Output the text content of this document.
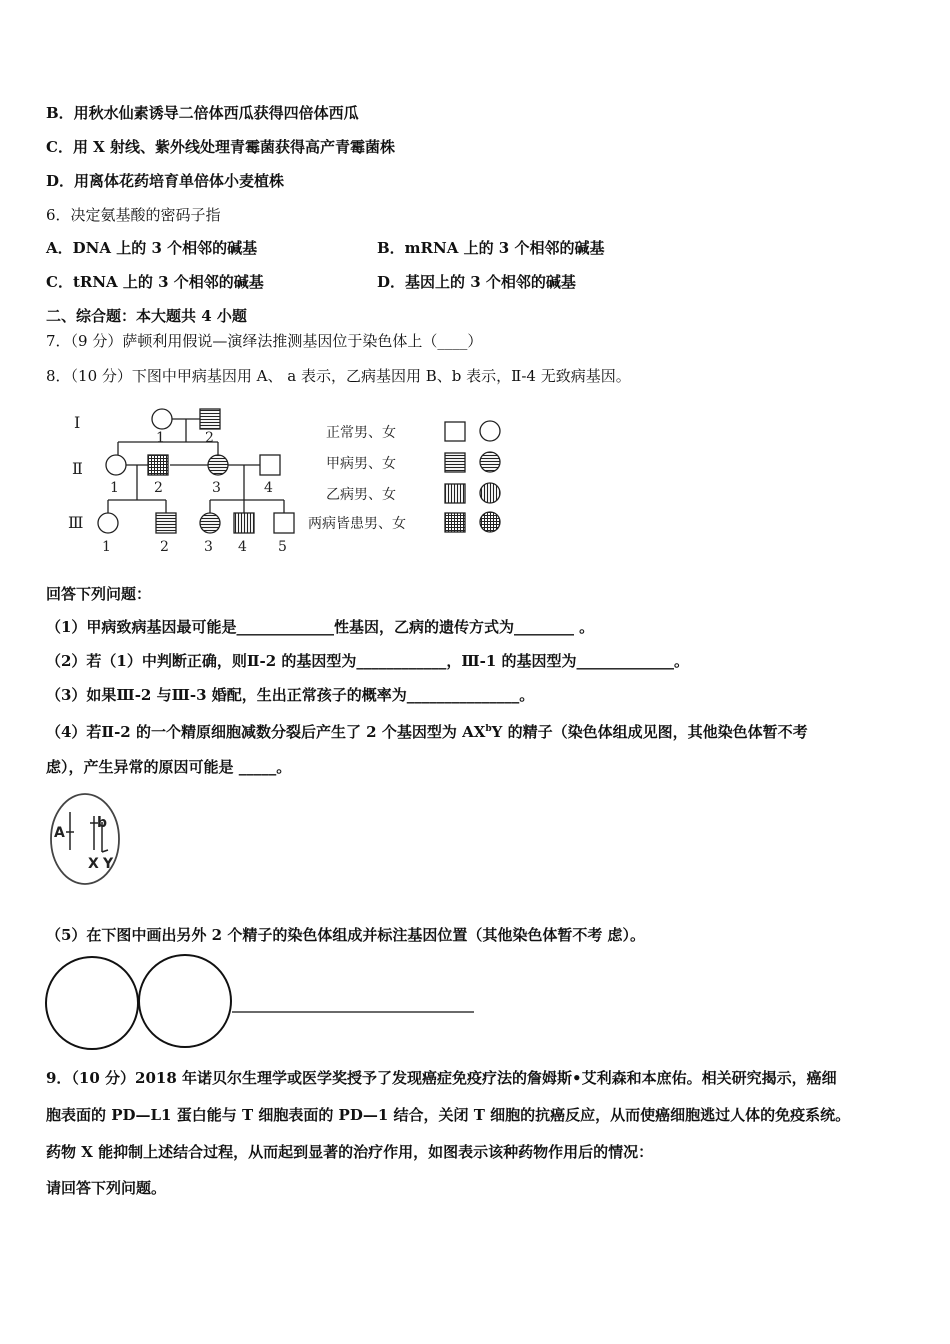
B．用秋水仙素诱导二倍体西瓜获得四倍体西瓜
C．用 X 射线、紫外线处理青霉菌获得高产青霉菌株
D．用离体花药培育单倍体小麦植株
6．决定氨基酸的密码子指
A．DNA 上的 3 个相邻的碱基	B．mRNA 上的 3 个相邻的碱基
C．tRNA 上的 3 个相邻的碱基	D．基因上的 3 个相邻的碱基
二、综合题：本大题共 4 小题
7．（9 分）萨顿利用假说—演绎法推测基因位于染色体上（____）
8．（10 分）下图中甲病基因用 A、 a 表示，乙病基因用 B、b 表示，Ⅱ-4 无致病基因。
Ⅰ
Ⅱ
Ⅲ
1	2
1	2	3	4
1	2	3 4 5
正常男、女
甲病男、女
乙病男、女
两病皆患男、女
回答下列问题：
（1）甲病致病基因最可能是_____________性基因，乙病的遗传方式为________ 。
（2）若（1）中判断正确，则Ⅱ-2 的基因型为____________，Ⅲ-1 的基因型为_____________。
（3）如果Ⅲ-2 与Ⅲ-3 婚配，生出正常孩子的概率为_______________。
（4）若Ⅱ-2 的一个精原细胞减数分裂后产生了 2 个基因型为 $AX^bY$ 的精子（染色体组成见图，其他染色体暂不考
虑），产生异常的原因可能是 _____。
A
b
X Y
（5）在下图中画出另外 2 个精子的染色体组成并标注基因位置（其他染色体暂不考 虑）。
9．（10 分）2018 年诺贝尔生理学或医学奖授予了发现癌症免疫疗法的詹姆斯•艾利森和本庶佑。相关研究揭示，癌细
胞表面的 PD—L1 蛋白能与 T 细胞表面的 PD—1 结合，关闭 T 细胞的抗癌反应，从而使癌细胞逃过人体的免疫系统。
药物 X 能抑制上述结合过程，从而起到显著的治疗作用，如图表示该种药物作用后的情况：
请回答下列问题。
